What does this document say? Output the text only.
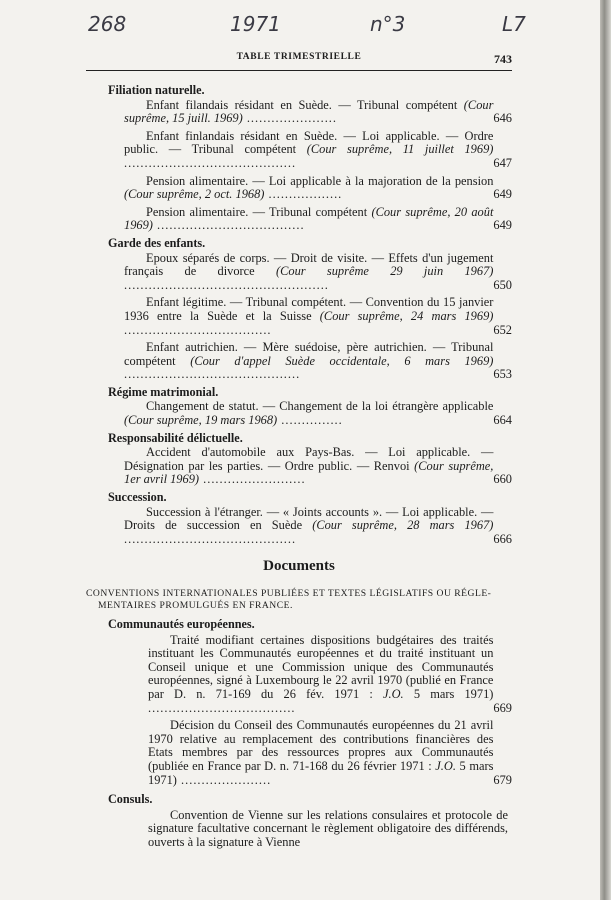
268	1971	n°3	L7
TABLE TRIMESTRIELLE	743
Filiation naturelle.
Enfant filandais résidant en Suède. — Tribunal compétent (Cour suprême, 15 juill. 1969) ......................	646
Enfant finlandais résidant en Suède. — Loi applicable. — Ordre public. — Tribunal compétent (Cour suprême, 11 juillet 1969) ..........................................	647
Pension alimentaire. — Loi applicable à la majoration de la pension (Cour suprême, 2 oct. 1968) ..................	649
Pension alimentaire. — Tribunal compétent (Cour suprême, 20 août 1969) ....................................	649
Garde des enfants.
Epoux séparés de corps. — Droit de visite. — Effets d'un jugement français de divorce (Cour suprême 29 juin 1967) ..................................................	650
Enfant légitime. — Tribunal compétent. — Convention du 15 janvier 1936 entre la Suède et la Suisse (Cour suprême, 24 mars 1969) ....................................	652
Enfant autrichien. — Mère suédoise, père autrichien. — Tribunal compétent (Cour d'appel Suède occidentale, 6 mars 1969) ...........................................	653
Régime matrimonial.
Changement de statut. — Changement de la loi étrangère applicable (Cour suprême, 19 mars 1968) ...............	664
Responsabilité délictuelle.
Accident d'automobile aux Pays-Bas. — Loi applicable. — Désignation par les parties. — Ordre public. — Renvoi (Cour suprême, 1er avril 1969) .........................	660
Succession.
Succession à l'étranger. — « Joints accounts ». — Loi applicable. — Droits de succession en Suède (Cour suprême, 28 mars 1967) ..........................................	666
Documents
CONVENTIONS INTERNATIONALES PUBLIÉES ET TEXTES LÉGISLATIFS OU RÉGLE-
MENTAIRES PROMULGUÉS EN FRANCE.
Communautés européennes.
Traité modifiant certaines dispositions budgétaires des traités instituant les Communautés européennes et du traité instituant un Conseil unique et une Commission unique des Communautés européennes, signé à Luxembourg le 22 avril 1970 (publié en France par D. n. 71-169 du 26 fév. 1971 : J.O. 5 mars 1971) ....................................	669
Décision du Conseil des Communautés européennes du 21 avril 1970 relative au remplacement des contributions financières des Etats membres par des ressources propres aux Communautés (publiée en France par D. n. 71-168 du 26 février 1971 : J.O. 5 mars 1971) ......................	679
Consuls.
Convention de Vienne sur les relations consulaires et protocole de signature facultative concernant le règlement obligatoire des différends, ouverts à la signature à Vienne
